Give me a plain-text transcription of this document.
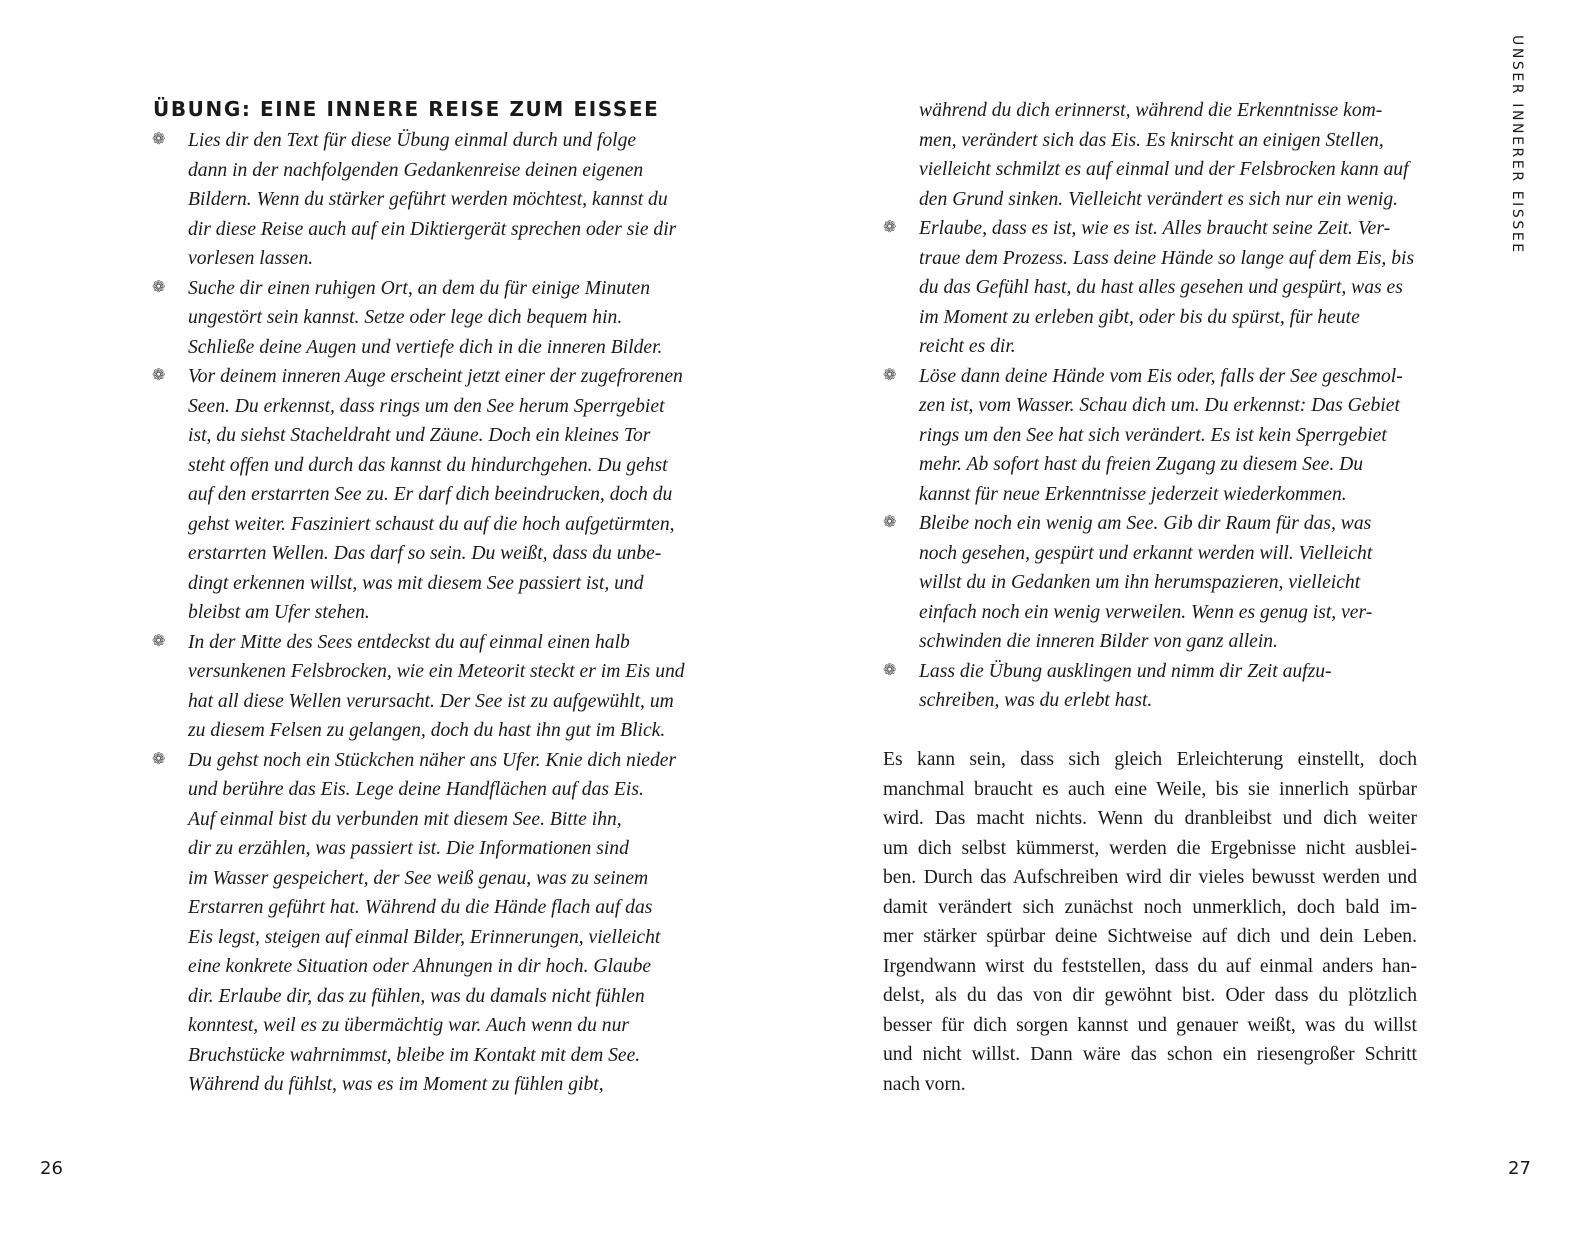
ÜBUNG: EINE INNERE REISE ZUM EISSEE
❁	Lies dir den Text für diese Übung einmal durch und folge
dann in der nachfolgenden Gedankenreise deinen eigenen
Bildern. Wenn du stärker geführt werden möchtest, kannst du
dir diese Reise auch auf ein Diktiergerät sprechen oder sie dir
vorlesen lassen.
❁	Suche dir einen ruhigen Ort, an dem du für einige Minuten
ungestört sein kannst. Setze oder lege dich bequem hin.
Schließe deine Augen und vertiefe dich in die inneren Bilder.
❁	Vor deinem inneren Auge erscheint jetzt einer der zugefrorenen
Seen. Du erkennst, dass rings um den See herum Sperrgebiet
ist, du siehst Stacheldraht und Zäune. Doch ein kleines Tor
steht offen und durch das kannst du hindurchgehen. Du gehst
auf den erstarrten See zu. Er darf dich beeindrucken, doch du
gehst weiter. Fasziniert schaust du auf die hoch aufgetürmten,
erstarrten Wellen. Das darf so sein. Du weißt, dass du unbe-
dingt erkennen willst, was mit diesem See passiert ist, und
bleibst am Ufer stehen.
❁	In der Mitte des Sees entdeckst du auf einmal einen halb
versunkenen Felsbrocken, wie ein Meteorit steckt er im Eis und
hat all diese Wellen verursacht. Der See ist zu aufgewühlt, um
zu diesem Felsen zu gelangen, doch du hast ihn gut im Blick.
❁	Du gehst noch ein Stückchen näher ans Ufer. Knie dich nieder
und berühre das Eis. Lege deine Handflächen auf das Eis.
Auf einmal bist du verbunden mit diesem See. Bitte ihn,
dir zu erzählen, was passiert ist. Die Informationen sind
im Wasser gespeichert, der See weiß genau, was zu seinem
Erstarren geführt hat. Während du die Hände flach auf das
Eis legst, steigen auf einmal Bilder, Erinnerungen, vielleicht
eine konkrete Situation oder Ahnungen in dir hoch. Glaube
dir. Erlaube dir, das zu fühlen, was du damals nicht fühlen
konntest, weil es zu übermächtig war. Auch wenn du nur
Bruchstücke wahrnimmst, bleibe im Kontakt mit dem See.
Während du fühlst, was es im Moment zu fühlen gibt,
während du dich erinnerst, während die Erkenntnisse kom-
men, verändert sich das Eis. Es knirscht an einigen Stellen,
vielleicht schmilzt es auf einmal und der Felsbrocken kann auf
den Grund sinken. Vielleicht verändert es sich nur ein wenig.
❁	Erlaube, dass es ist, wie es ist. Alles braucht seine Zeit. Ver-
traue dem Prozess. Lass deine Hände so lange auf dem Eis, bis
du das Gefühl hast, du hast alles gesehen und gespürt, was es
im Moment zu erleben gibt, oder bis du spürst, für heute
reicht es dir.
❁	Löse dann deine Hände vom Eis oder, falls der See geschmol-
zen ist, vom Wasser. Schau dich um. Du erkennst: Das Gebiet
rings um den See hat sich verändert. Es ist kein Sperrgebiet
mehr. Ab sofort hast du freien Zugang zu diesem See. Du
kannst für neue Erkenntnisse jederzeit wiederkommen.
❁	Bleibe noch ein wenig am See. Gib dir Raum für das, was
noch gesehen, gespürt und erkannt werden will. Vielleicht
willst du in Gedanken um ihn herumspazieren, vielleicht
einfach noch ein wenig verweilen. Wenn es genug ist, ver-
schwinden die inneren Bilder von ganz allein.
❁	Lass die Übung ausklingen und nimm dir Zeit aufzu-
schreiben, was du erlebt hast.
Es kann sein, dass sich gleich Erleichterung einstellt, doch
manchmal braucht es auch eine Weile, bis sie innerlich spürbar
wird. Das macht nichts. Wenn du dranbleibst und dich weiter
um dich selbst kümmerst, werden die Ergebnisse nicht ausblei-
ben. Durch das Aufschreiben wird dir vieles bewusst werden und
damit verändert sich zunächst noch unmerklich, doch bald im-
mer stärker spürbar deine Sichtweise auf dich und dein Leben.
Irgendwann wirst du feststellen, dass du auf einmal anders han-
delst, als du das von dir gewöhnt bist. Oder dass du plötzlich
besser für dich sorgen kannst und genauer weißt, was du willst
und nicht willst. Dann wäre das schon ein riesengroßer Schritt
nach vorn.
26	27
UNSER INNERER EISSEE
